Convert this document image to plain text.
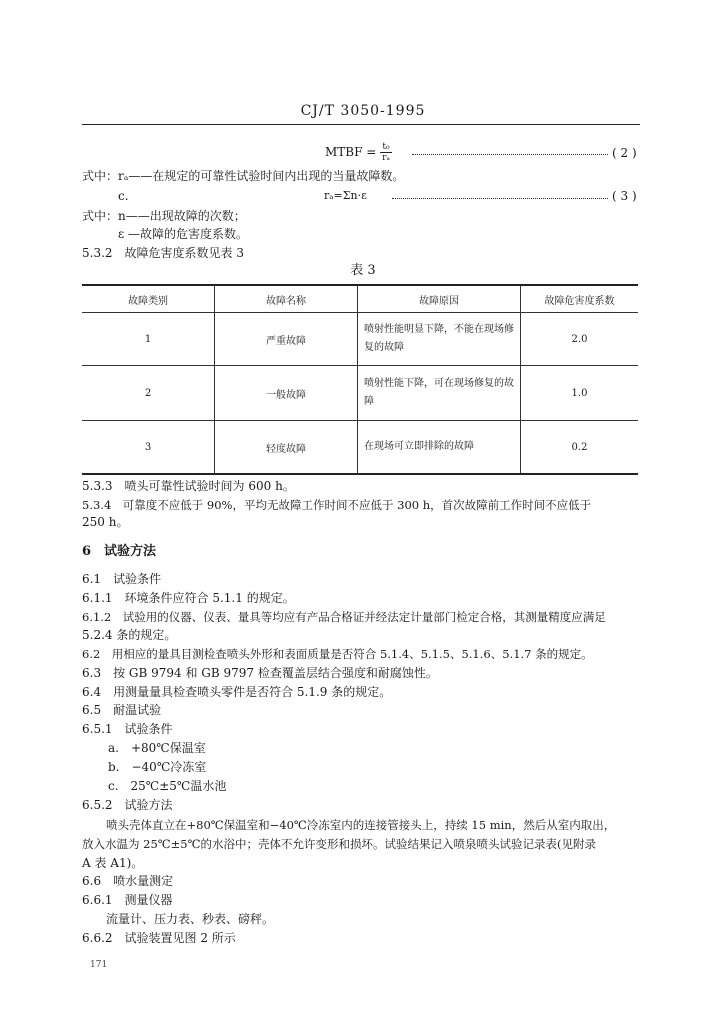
CJ/T 3050-1995
MTBF = $\frac{\text{t₀}}{\text{rₐ}}$	( 2 )
式中：rₐ——在规定的可靠性试验时间内出现的当量故障数。
c.	rₐ=Σn·ε	( 3 )
式中：n——出现故障的次数；
ε —故障的危害度系数。
5.3.2　故障危害度系数见表 3
表 3
故障类别	故障名称	故障原因	故障危害度系数
1	严重故障	喷射性能明显下降，不能在现场修复的故障	2.0
2	一般故障	喷射性能下降，可在现场修复的故障	1.0
3	轻度故障	在现场可立即排除的故障	0.2
5.3.3　喷头可靠性试验时间为 600 h。
5.3.4　可靠度不应低于 90%，平均无故障工作时间不应低于 300 h，首次故障前工作时间不应低于
250 h。
6　试验方法
6.1　试验条件
6.1.1　环境条件应符合 5.1.1 的规定。
6.1.2　试验用的仪器、仪表、量具等均应有产品合格证并经法定计量部门检定合格，其测量精度应满足
5.2.4 条的规定。
6.2　用相应的量具目测检查喷头外形和表面质量是否符合 5.1.4、5.1.5、5.1.6、5.1.7 条的规定。
6.3　按 GB 9794 和 GB 9797 检查覆盖层结合强度和耐腐蚀性。
6.4　用测量量具检查喷头零件是否符合 5.1.9 条的规定。
6.5　耐温试验
6.5.1　试验条件
a.　+80℃保温室
b.　−40℃冷冻室
c.　25℃±5℃温水池
6.5.2　试验方法
喷头壳体直立在+80℃保温室和−40℃冷冻室内的连接管接头上，持续 15 min，然后从室内取出，
放入水温为 25℃±5℃的水浴中；壳体不允许变形和损坏。试验结果记入喷泉喷头试验记录表(见附录
A 表 A1)。
6.6　喷水量测定
6.6.1　测量仪器
流量计、压力表、秒表、磅秤。
6.6.2　试验装置见图 2 所示
171
